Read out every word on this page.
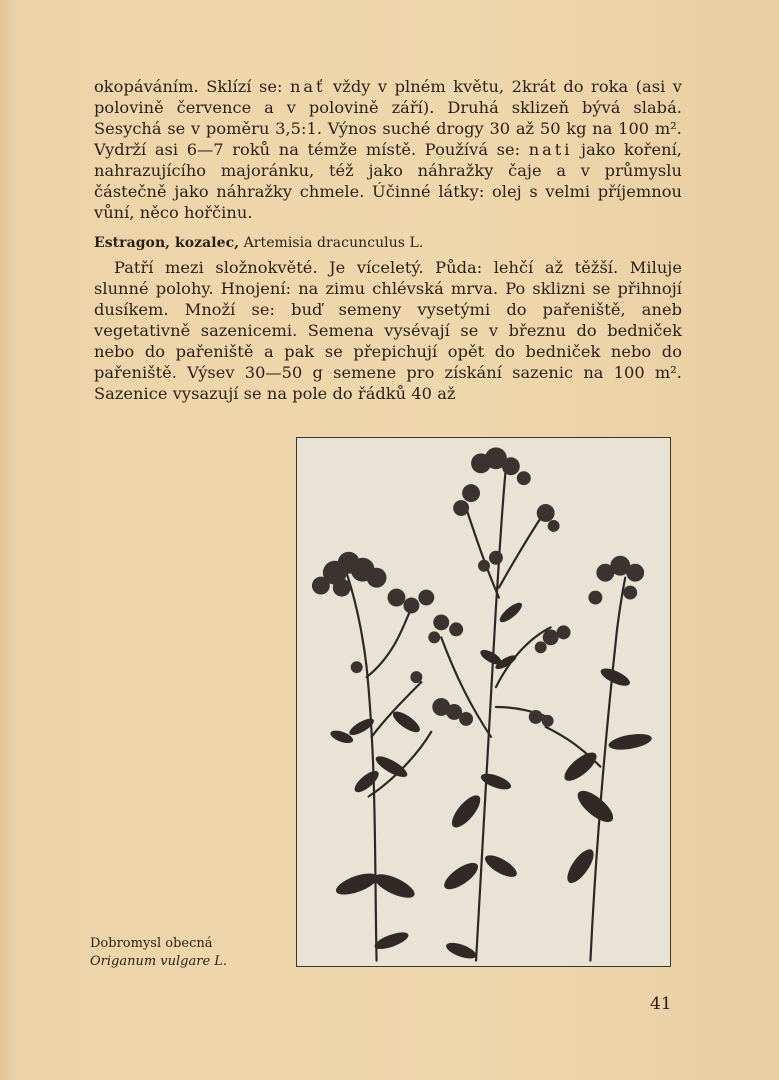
okopáváním. Sklízí se: nať vždy v plném květu, 2krát do roka (asi v polovině července a v polovině září). Druhá sklizeň bývá slabá. Sesychá se v poměru 3,5:1. Výnos suché drogy 30 až 50 kg na 100 m². Vydrží asi 6—7 roků na témže místě. Používá se: nati jako koření, nahrazujícího majoránku, též jako náhražky čaje a v průmyslu částečně jako náhražky chmele. Účinné látky: olej s velmi příjemnou vůní, něco hořčinu.

Estragon, kozalec, Artemisia dracunculus L.

Patří mezi složnokvěté. Je víceletý. Půda: lehčí až těžší. Miluje slunné polohy. Hnojení: na zimu chlévská mrva. Po sklizni se přihnojí dusíkem. Množí se: buď semeny vysetými do pařeniště, aneb vegetativně sazenicemi. Semena vysévají se v březnu do bedniček nebo do pařeniště a pak se přepichují opět do bedniček nebo do pařeniště. Výsev 30—50 g semene pro získání sazenic na 100 m². Sazenice vysazují se na pole do řádků 40 až

Dobromysl obecná
Origanum vulgare L.
41
